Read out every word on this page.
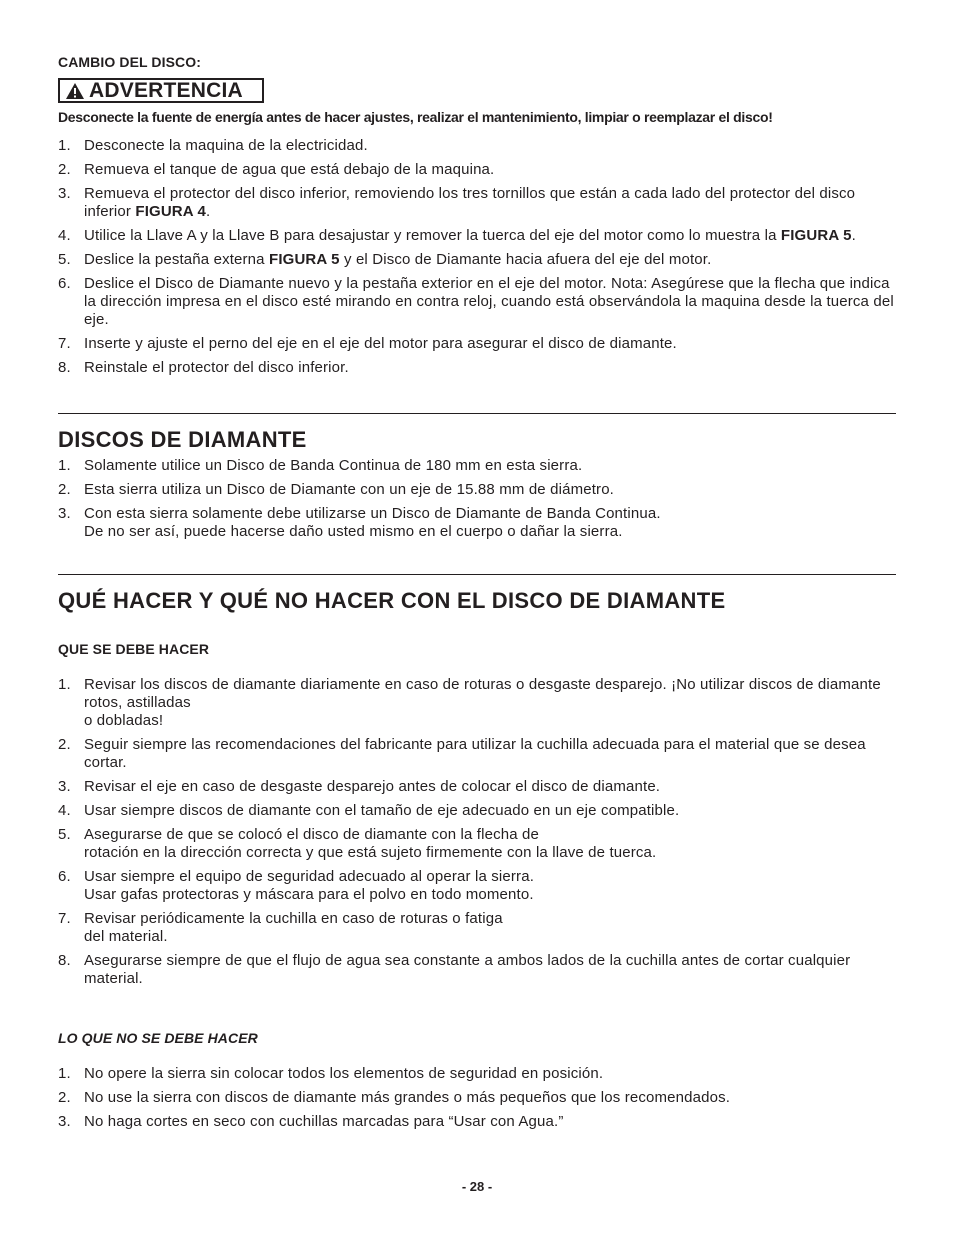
CAMBIO DEL DISCO:
ADVERTENCIA
Desconecte la fuente de energía antes de hacer ajustes, realizar el mantenimiento, limpiar o reemplazar el disco!
1. Desconecte la maquina de la electricidad.
2. Remueva el tanque de agua que está debajo de la maquina.
3. Remueva el protector del disco inferior, removiendo los tres tornillos que están a cada lado del protector del disco inferior FIGURA 4.
4. Utilice la Llave A y la Llave B para desajustar y remover la tuerca del eje del motor como lo muestra la FIGURA 5.
5. Deslice la pestaña externa FIGURA 5 y el Disco de Diamante hacia afuera del eje del motor.
6. Deslice el Disco de Diamante nuevo y la pestaña exterior en el eje del motor. Nota: Asegúrese que la flecha que indica la dirección impresa en el disco esté mirando en contra reloj, cuando está observándola la maquina desde la tuerca del eje.
7. Inserte y ajuste el perno del eje en el eje del motor para asegurar el disco de diamante.
8. Reinstale el protector del disco inferior.
DISCOS DE DIAMANTE
1. Solamente utilice un Disco de Banda Continua de 180 mm en esta sierra.
2. Esta sierra utiliza un Disco de Diamante con un eje de 15.88 mm de diámetro.
3. Con esta sierra solamente debe utilizarse un Disco de Diamante de Banda Continua.
De no ser así, puede hacerse daño usted mismo en el cuerpo o dañar la sierra.
QUÉ HACER Y QUÉ NO HACER CON EL DISCO DE DIAMANTE
QUE SE DEBE HACER
1. Revisar los discos de diamante diariamente en caso de roturas o desgaste desparejo. ¡No utilizar discos de diamante rotos, astilladas
o dobladas!
2. Seguir siempre las recomendaciones del fabricante para utilizar la cuchilla adecuada para el material que se desea cortar.
3. Revisar el eje en caso de desgaste desparejo antes de colocar el disco de diamante.
4. Usar siempre discos de diamante con el tamaño de eje adecuado en un eje compatible.
5. Asegurarse de que se colocó el disco de diamante con la flecha de
rotación en la dirección correcta y que está sujeto firmemente con la llave de tuerca.
6. Usar siempre el equipo de seguridad adecuado al operar la sierra.
Usar gafas protectoras y máscara para el polvo en todo momento.
7. Revisar periódicamente la cuchilla en caso de roturas o fatiga
del material.
8. Asegurarse siempre de que el flujo de agua sea constante a ambos lados de la cuchilla antes de cortar cualquier material.
LO QUE NO SE DEBE HACER
1. No opere la sierra sin colocar todos los elementos de seguridad en posición.
2. No use la sierra con discos de diamante más grandes o más pequeños que los recomendados.
3. No haga cortes en seco con cuchillas marcadas para “Usar con Agua.”
- 28 -
